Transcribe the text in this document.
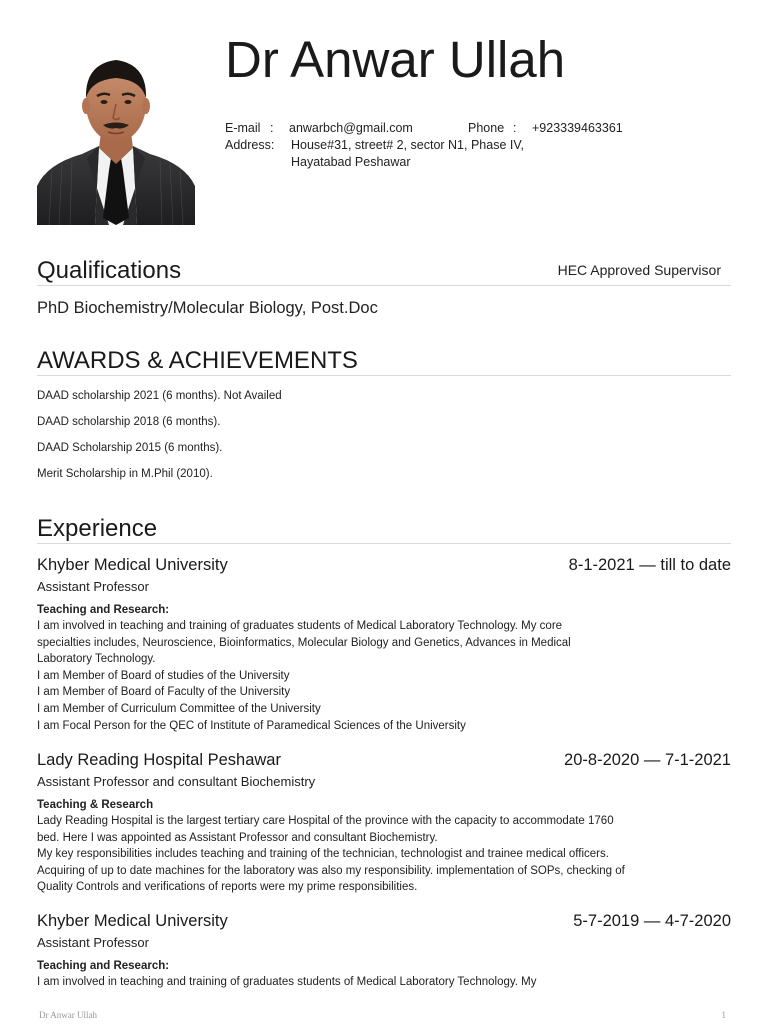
Dr Anwar Ullah
E-mail : anwarbch@gmail.com	Phone : +923339463361
Address: House#31, street# 2, sector N1, Phase IV,
Hayatabad Peshawar
Qualifications	HEC Approved Supervisor
PhD Biochemistry/Molecular Biology, Post.Doc
AWARDS & ACHIEVEMENTS
DAAD scholarship 2021 (6 months). Not Availed
DAAD scholarship 2018 (6 months).
DAAD Scholarship 2015 (6 months).
Merit Scholarship in M.Phil (2010).
Experience
Khyber Medical University	8-1-2021 — till to date
Assistant Professor
Teaching and Research:
I am involved in teaching and training of graduates students of Medical Laboratory Technology. My core
specialties includes, Neuroscience, Bioinformatics, Molecular Biology and Genetics, Advances in Medical
Laboratory Technology.
I am Member of Board of studies of the University
I am Member of Board of Faculty of the University
I am Member of Curriculum Committee of the University
I am Focal Person for the QEC of Institute of Paramedical Sciences of the University
Lady Reading Hospital Peshawar	20-8-2020 — 7-1-2021
Assistant Professor and consultant Biochemistry
Teaching & Research
Lady Reading Hospital is the largest tertiary care Hospital of the province with the capacity to accommodate 1760
bed. Here I was appointed as Assistant Professor and consultant Biochemistry.
My key responsibilities includes teaching and training of the technician, technologist and trainee medical officers.
Acquiring of up to date machines for the laboratory was also my responsibility. implementation of SOPs, checking of
Quality Controls and verifications of reports were my prime responsibilities.
Khyber Medical University	5-7-2019 — 4-7-2020
Assistant Professor
Teaching and Research:
I am involved in teaching and training of graduates students of Medical Laboratory Technology. My
Dr Anwar Ullah	1
